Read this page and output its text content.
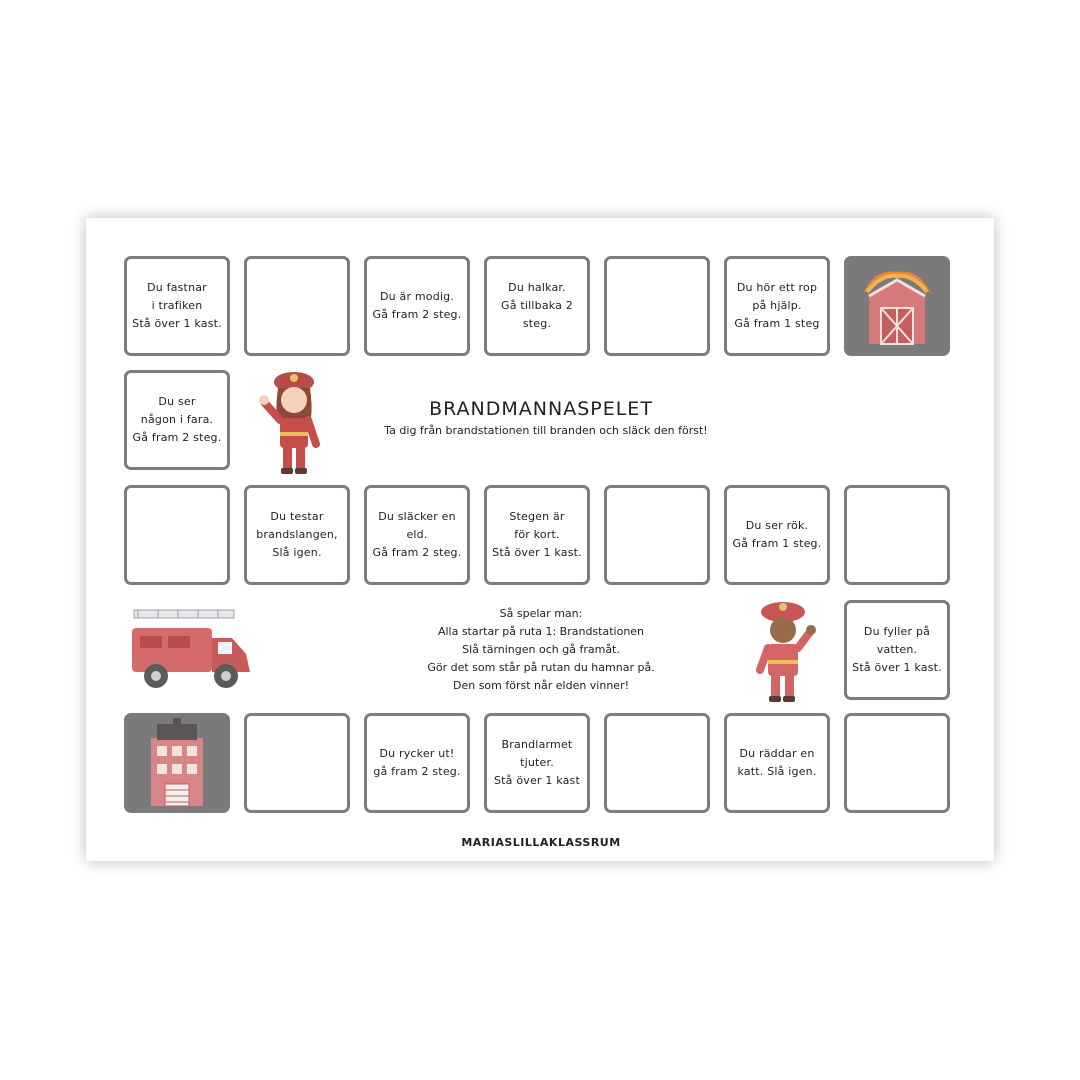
Du fastnar
i trafiken
Stå över 1 kast.
Du är modig.
Gå fram 2 steg.
Du halkar.
Gå tillbaka 2 steg.
Du hör ett rop
på hjälp.
Gå fram 1 steg
Du ser
någon i fara.
Gå fram 2 steg.
BRANDMANNASPELET
Ta dig från brandstationen till branden och släck den först!
Du testar
brandslangen,
Slå igen.
Du släcker en eld.
Gå fram 2 steg.
Stegen är
för kort.
Stå över 1 kast.
Du ser rök.
Gå fram 1 steg.
Så spelar man:
Alla startar på ruta 1: Brandstationen
Slå tärningen och gå framåt.
Gör det som står på rutan du hamnar på.
Den som först når elden vinner!
Du fyller på
vatten.
Stå över 1 kast.
Du rycker ut!
gå fram 2 steg.
Brandlarmet
tjuter.
Stå över 1 kast
Du räddar en
katt. Slå igen.
MARIASLILLAKLASSRUM
